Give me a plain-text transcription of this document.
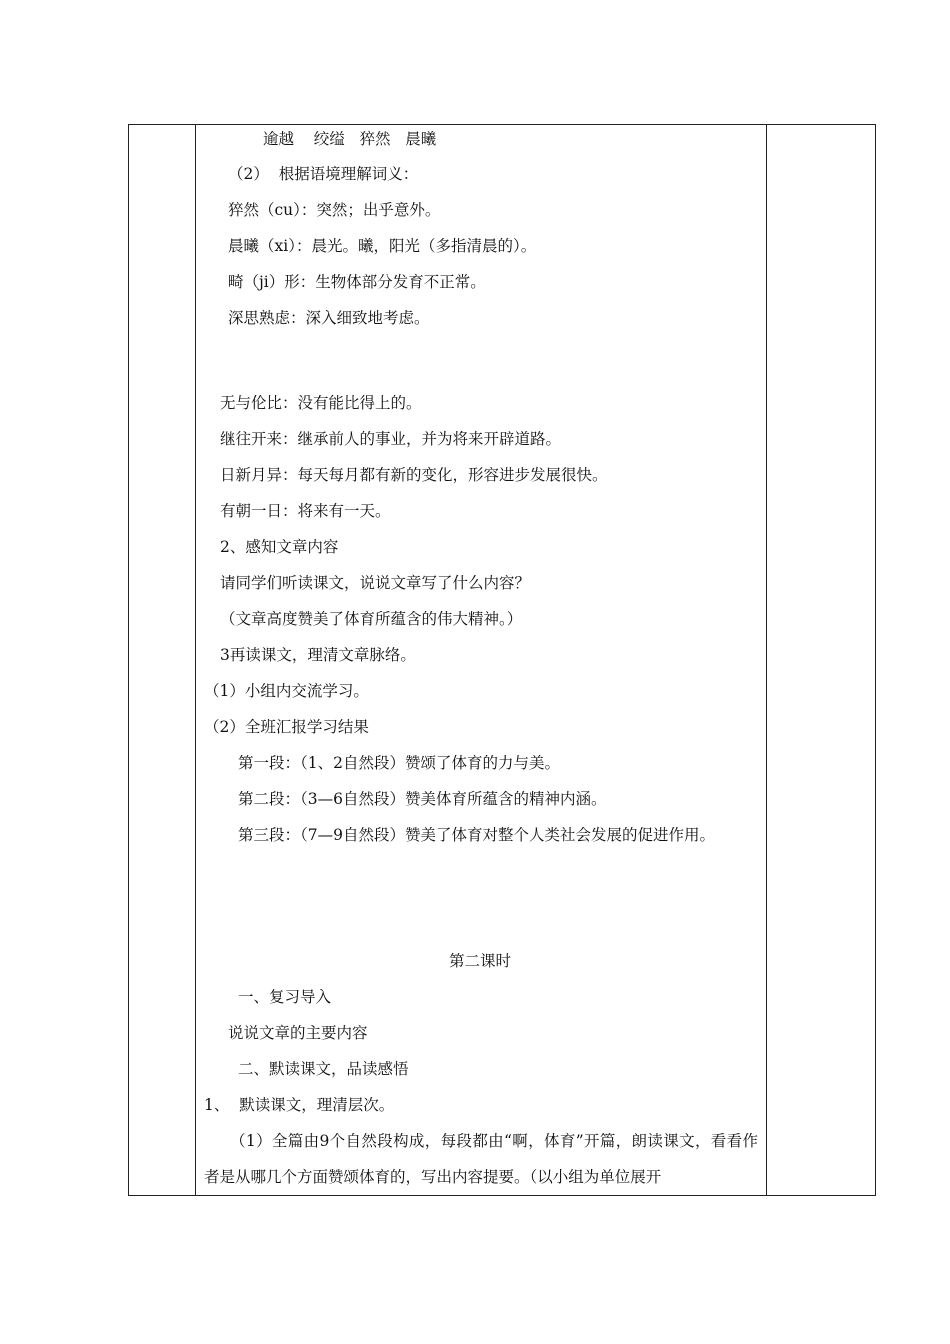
逾越    绞缢   猝然   晨曦
（2）  根据语境理解词义：
猝然（cu）：突然；出乎意外。
晨曦（xi）：晨光。曦，阳光（多指清晨的）。
畸（ji）形：生物体部分发育不正常。
深思熟虑：深入细致地考虑。
无与伦比：没有能比得上的。
继往开来：继承前人的事业，并为将来开辟道路。
日新月异：每天每月都有新的变化，形容进步发展很快。
有朝一日：将来有一天。
2、感知文章内容
请同学们听读课文，说说文章写了什么内容？
（文章高度赞美了体育所蕴含的伟大精神。）
3再读课文，理清文章脉络。
（1）小组内交流学习。
（2）全班汇报学习结果
第一段：（1、2自然段）赞颂了体育的力与美。
第二段：（3—6自然段）赞美体育所蕴含的精神内涵。
第三段：（7—9自然段）赞美了体育对整个人类社会发展的促进作用。
第二课时
一、复习导入
说说文章的主要内容
二、默读课文，品读感悟
1、  默读课文，理清层次。
（1）全篇由9个自然段构成，每段都由“啊，体育”开篇，朗读课文，看看作者是从哪几个方面赞颂体育的，写出内容提要。（以小组为单位展开
